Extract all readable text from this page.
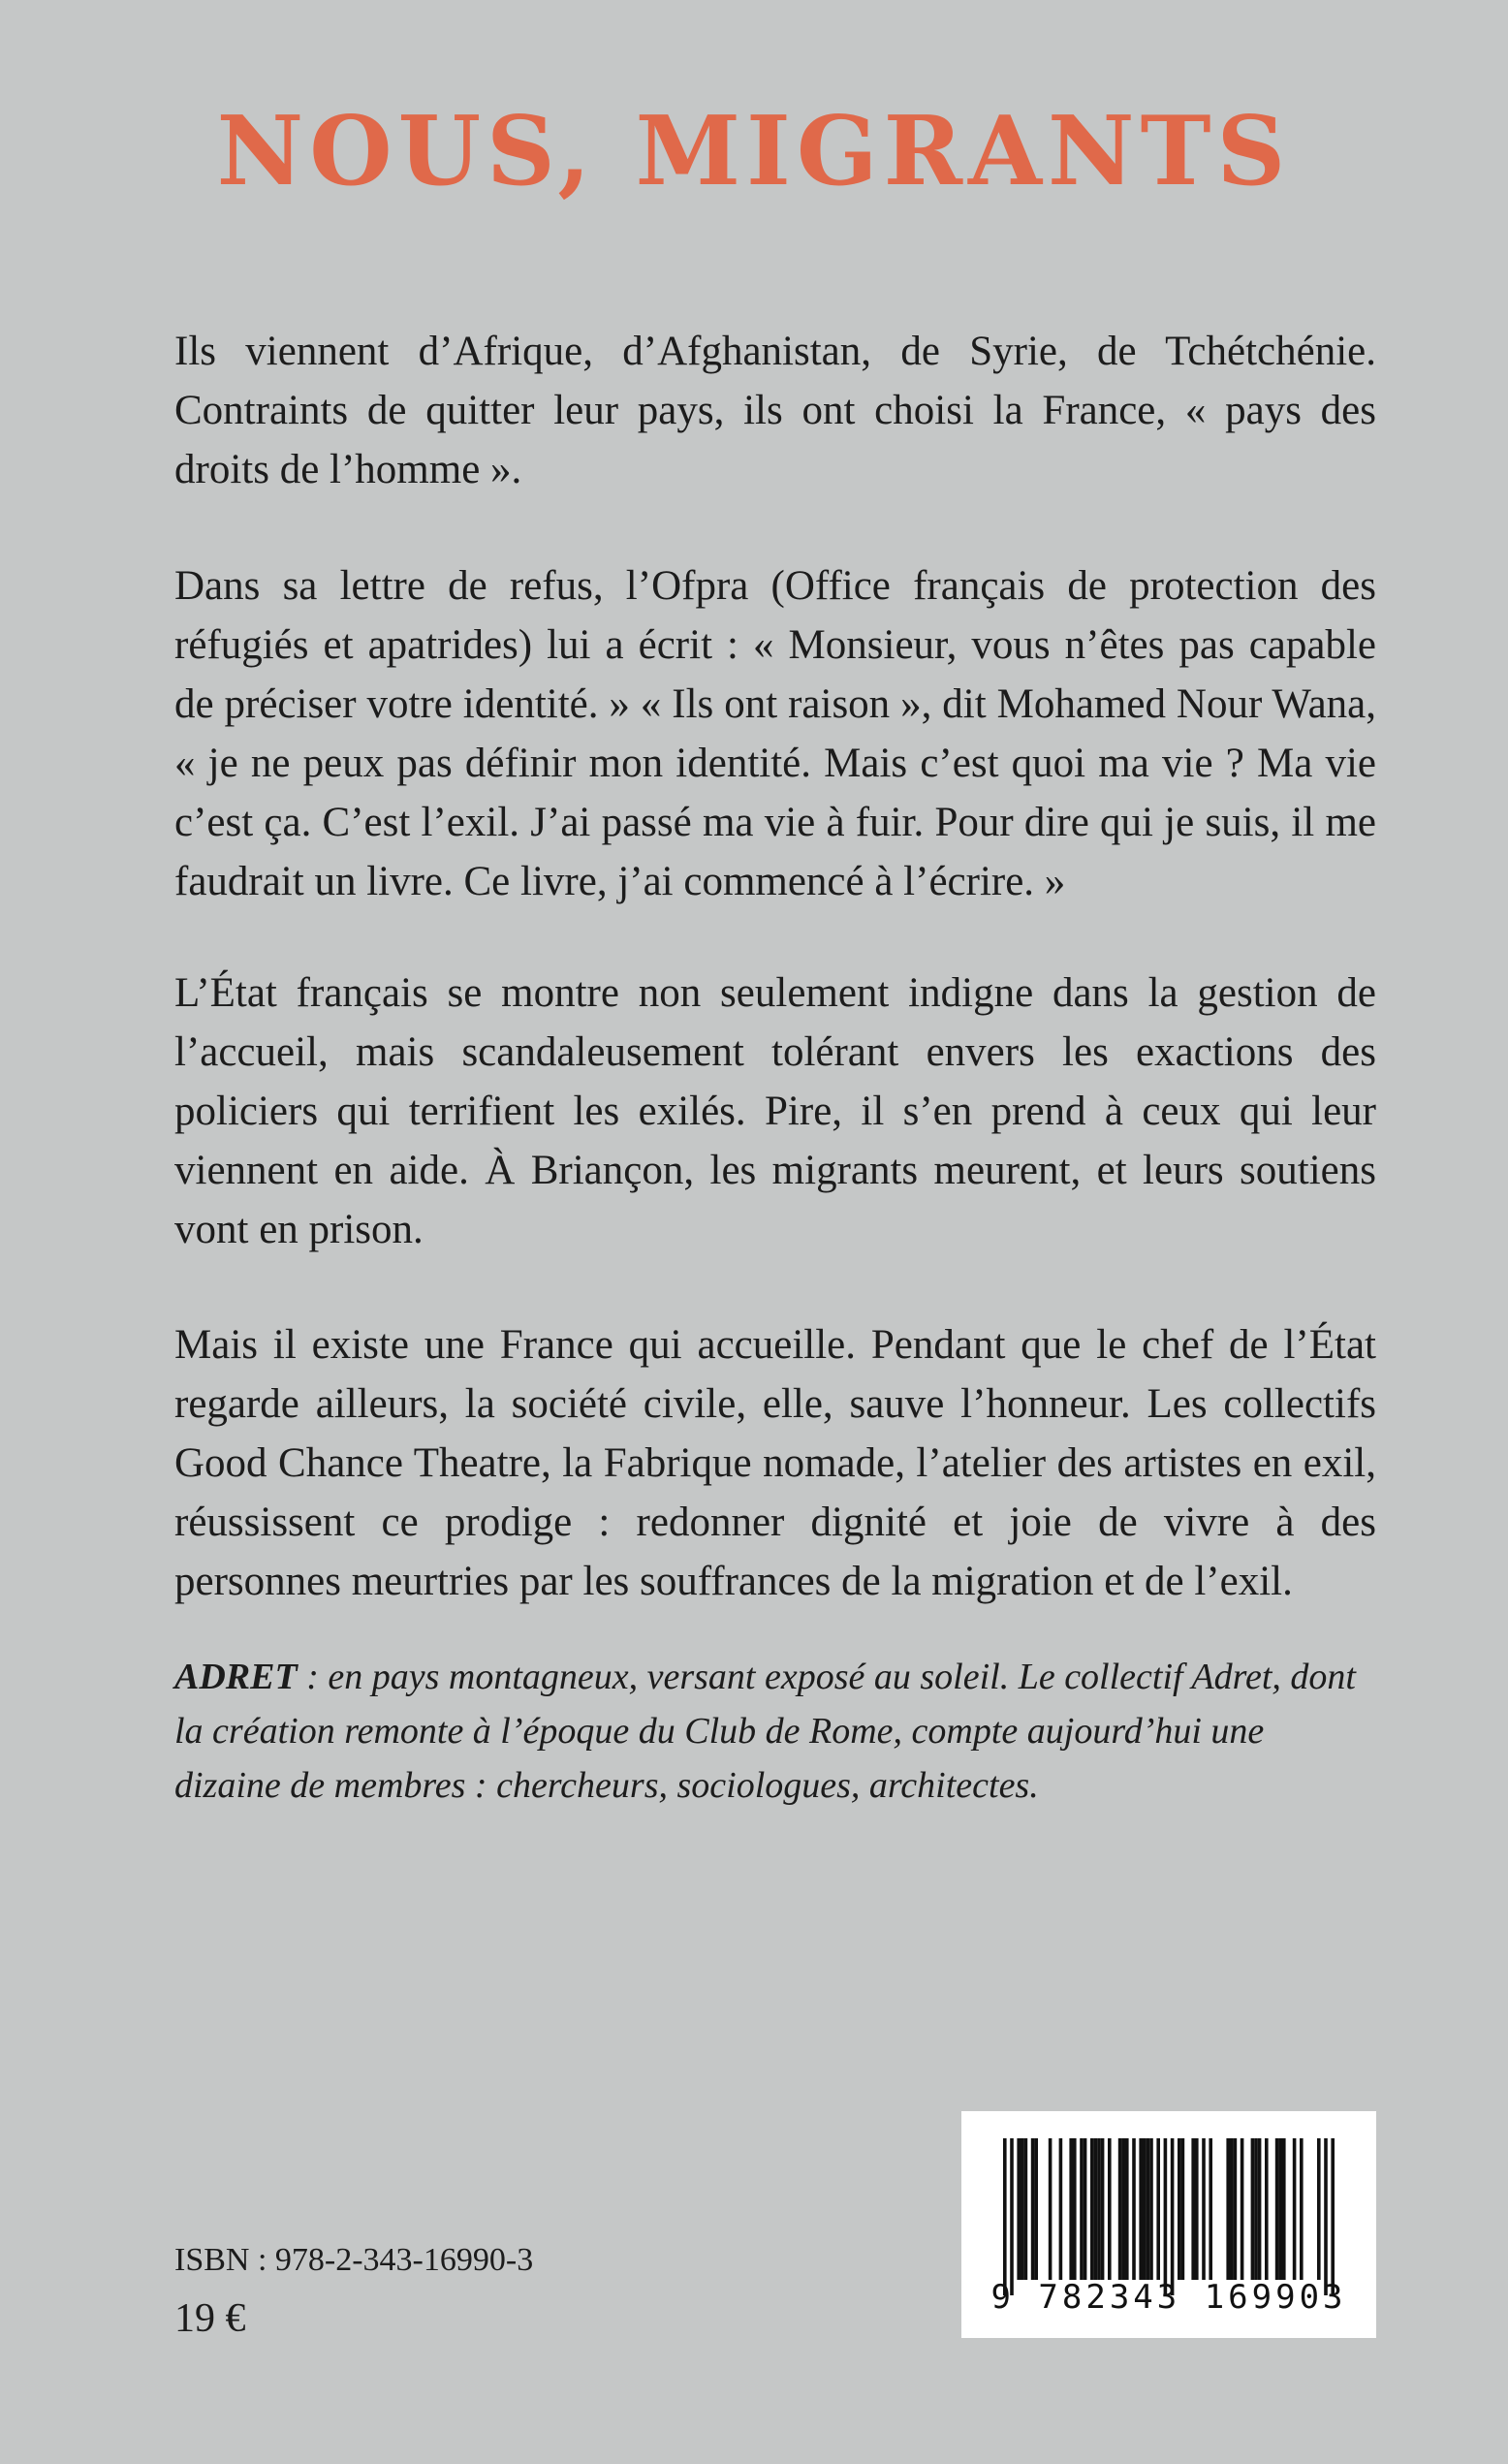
NOUS, MIGRANTS

Ils viennent d’Afrique, d’Afghanistan, de Syrie, de Tchétchénie. Contraints de quitter leur pays, ils ont choisi la France, « pays des droits de l’homme ».

Dans sa lettre de refus, l’Ofpra (Office français de protection des réfugiés et apatrides) lui a écrit : « Monsieur, vous n’êtes pas capable de préciser votre identité. » « Ils ont raison », dit Mohamed Nour Wana, « je ne peux pas définir mon identité. Mais c’est quoi ma vie ? Ma vie c’est ça. C’est l’exil. J’ai passé ma vie à fuir. Pour dire qui je suis, il me faudrait un livre. Ce livre, j’ai commencé à l’écrire. »

L’État français se montre non seulement indigne dans la gestion de l’accueil, mais scandaleusement tolérant envers les exactions des policiers qui terrifient les exilés. Pire, il s’en prend à ceux qui leur viennent en aide. À Briançon, les migrants meurent, et leurs soutiens vont en prison.

Mais il existe une France qui accueille. Pendant que le chef de l’État regarde ailleurs, la société civile, elle, sauve l’honneur. Les collectifs Good Chance Theatre, la Fabrique nomade, l’atelier des artistes en exil, réussissent ce prodige : redonner dignité et joie de vivre à des personnes meurtries par les souffrances de la migration et de l’exil.

ADRET : en pays montagneux, versant exposé au soleil. Le collectif Adret, dont la création remonte à l’époque du Club de Rome, compte aujourd’hui une dizaine de membres : chercheurs, sociologues, architectes.

ISBN : 978-2-343-16990-3
19 €	9 782343 169903
